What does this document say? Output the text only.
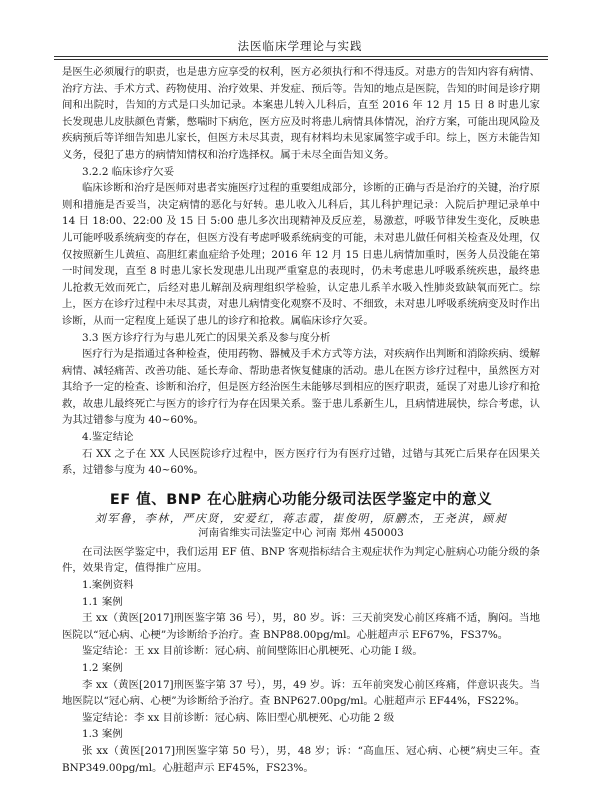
法医临床学理论与实践

是医生必须履行的职责，也是患方应享受的权利，医方必须执行和不得违反。对患方的告知内容有病情、治疗方法、手术方式、药物使用、治疗效果、并发症、预后等。告知的地点是医院，告知的时间是诊疗期间和出院时，告知的方式是口头加记录。本案患儿转入儿科后，直至 2016 年 12 月 15 日 8 时患儿家长发现患儿皮肤颜色青紫，憋喘时下病危，医方应及时将患儿病情具体情况，治疗方案，可能出现风险及疾病预后等详细告知患儿家长，但医方未尽其责，现有材料均未见家属签字或手印。综上，医方未能告知义务，侵犯了患方的病情知情权和治疗选择权。属于未尽全面告知义务。

3.2.2 临床诊疗欠妥

临床诊断和治疗是医师对患者实施医疗过程的重要组成部分，诊断的正确与否是治疗的关键，治疗原则和措施是否妥当，决定病情的恶化与好转。患儿收入儿科后，其儿科护理记录：入院后护理记录单中 14 日 18:00、22:00 及 15 日 5:00 患儿多次出现精神及反应差，易激惹，呼吸节律发生变化，反映患儿可能呼吸系统病变的存在，但医方没有考虑呼吸系统病变的可能，未对患儿做任何相关检查及处理，仅仅按照新生儿黄疸、高胆红素血症给予处理；2016 年 12 月 15 日患儿病情加重时，医务人员没能在第一时间发现，直至 8 时患儿家长发现患儿出现严重窒息的表现时，仍未考虑患儿呼吸系统疾患，最终患儿抢救无效而死亡，后经对患儿解剖及病理组织学检验，认定患儿系羊水吸入性肺炎致缺氧而死亡。综上，医方在诊疗过程中未尽其责，对患儿病情变化观察不及时、不细致，未对患儿呼吸系统病变及时作出诊断，从而一定程度上延误了患儿的诊疗和抢救。属临床诊疗欠妥。

3.3 医方诊疗行为与患儿死亡的因果关系及参与度分析

医疗行为是指通过各种检查，使用药物、器械及手术方式等方法，对疾病作出判断和消除疾病、缓解病情、减轻痛苦、改善功能、延长寿命、帮助患者恢复健康的活动。患儿在医方诊疗过程中，虽然医方对其给予一定的检查、诊断和治疗，但是医方经治医生未能够尽到相应的医疗职责，延误了对患儿诊疗和抢救，故患儿最终死亡与医方的诊疗行为存在因果关系。鉴于患儿系新生儿，且病情进展快，综合考虑，认为其过错参与度为 40~60%。

4.鉴定结论

石 XX 之子在 XX 人民医院诊疗过程中，医方医疗行为有医疗过错，过错与其死亡后果存在因果关系，过错参与度为 40~60%。

EF 值、BNP 在心脏病心功能分级司法医学鉴定中的意义

刘军鲁，李林，严庆贤，安爱红，蒋志霞，崔俊明，原鹏杰，王尧淇，顾昶

河南省维实司法鉴定中心 河南 郑州 450003

在司法医学鉴定中，我们运用 EF 值、BNP 客观指标结合主观症状作为判定心脏病心功能分级的条件，效果肯定，值得推广应用。

1.案例资料

1.1 案例

王 xx（黄医[2017]刑医鉴字第 36 号），男，80 岁。诉：三天前突发心前区疼痛不适，胸闷。当地医院以“冠心病、心梗”为诊断给予治疗。查 BNP88.00pg/ml。心脏超声示 EF67%，FS37%。

鉴定结论：王 xx 目前诊断：冠心病、前间壁陈旧心肌梗死、心功能 I 级。

1.2 案例

李 xx（黄医[2017]刑医鉴字第 37 号），男，49 岁。诉：五年前突发心前区疼痛，伴意识丧失。当地医院以“冠心病、心梗”为诊断给予治疗。查 BNP627.00pg/ml。心脏超声示 EF44%，FS22%。

鉴定结论：李 xx 目前诊断：冠心病、陈旧型心肌梗死、心功能 2 级

1.3 案例

张 xx（黄医[2017]刑医鉴字第 50 号），男，48 岁；诉：“高血压、冠心病、心梗”病史三年。查 BNP349.00pg/ml。心脏超声示 EF45%，FS23%。
